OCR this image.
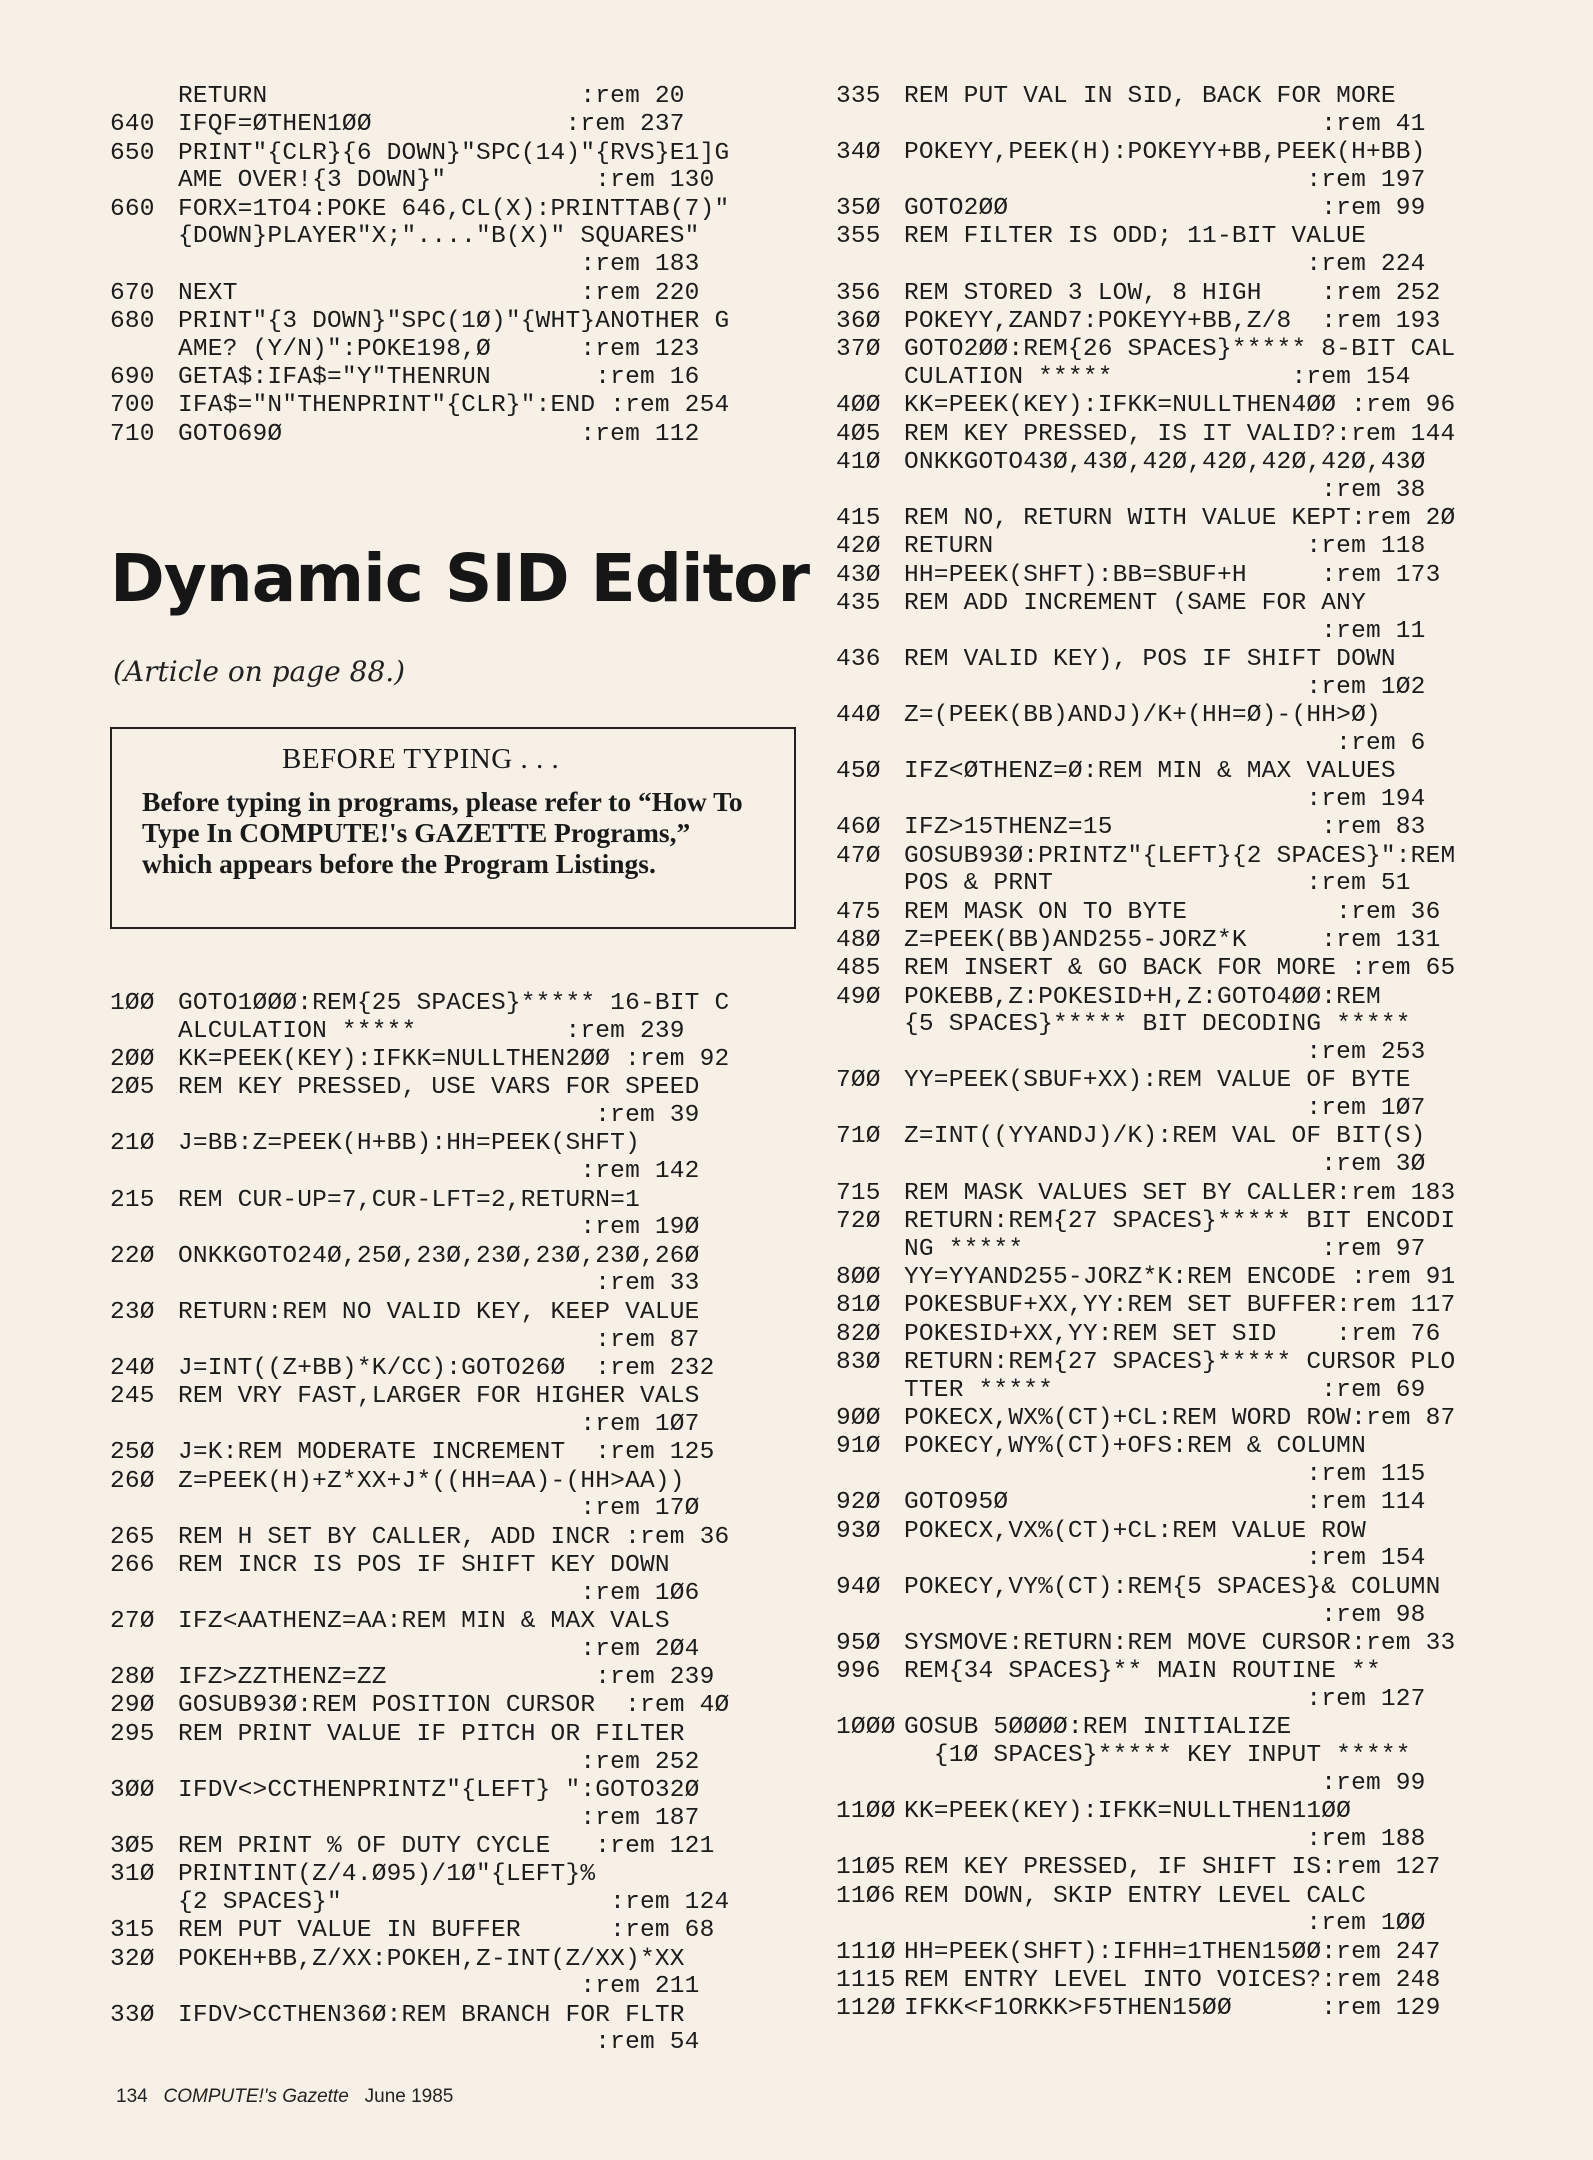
RETURN                     :rem 20
640 IFQF=ØTHEN1ØØ             :rem 237
650 PRINT"{CLR}{6 DOWN}"SPC(14)"{RVS}E1]G
AME OVER!{3 DOWN}"          :rem 130
660 FORX=1TO4:POKE 646,CL(X):PRINTTAB(7)"
{DOWN}PLAYER"X;"...."B(X)" SQUARES"
:rem 183
670 NEXT                       :rem 220
680 PRINT"{3 DOWN}"SPC(1Ø)"{WHT}ANOTHER G
AME? (Y/N)":POKE198,Ø      :rem 123
690 GETA$:IFA$="Y"THENRUN       :rem 16
700 IFA$="N"THENPRINT"{CLR}":END :rem 254
710 GOTO69Ø                    :rem 112
Dynamic SID Editor
(Article on page 88.)
BEFORE TYPING . . .
Before typing in programs, please refer to “How To Type In COMPUTE!'s GAZETTE Programs,” which appears before the Program Listings.
1ØØ GOTO1ØØØ:REM{25 SPACES}***** 16-BIT C
ALCULATION *****          :rem 239
2ØØ KK=PEEK(KEY):IFKK=NULLTHEN2ØØ :rem 92
2Ø5 REM KEY PRESSED, USE VARS FOR SPEED
:rem 39
21Ø J=BB:Z=PEEK(H+BB):HH=PEEK(SHFT)
:rem 142
215 REM CUR-UP=7,CUR-LFT=2,RETURN=1
:rem 19Ø
22Ø ONKKGOTO24Ø,25Ø,23Ø,23Ø,23Ø,23Ø,26Ø
:rem 33
23Ø RETURN:REM NO VALID KEY, KEEP VALUE
:rem 87
24Ø J=INT((Z+BB)*K/CC):GOTO26Ø  :rem 232
245 REM VRY FAST,LARGER FOR HIGHER VALS
:rem 1Ø7
25Ø J=K:REM MODERATE INCREMENT  :rem 125
26Ø Z=PEEK(H)+Z*XX+J*((HH=AA)-(HH>AA))
:rem 17Ø
265 REM H SET BY CALLER, ADD INCR :rem 36
266 REM INCR IS POS IF SHIFT KEY DOWN
:rem 1Ø6
27Ø IFZ<AATHENZ=AA:REM MIN & MAX VALS
:rem 2Ø4
28Ø IFZ>ZZTHENZ=ZZ              :rem 239
29Ø GOSUB93Ø:REM POSITION CURSOR  :rem 4Ø
295 REM PRINT VALUE IF PITCH OR FILTER
:rem 252
3ØØ IFDV<>CCTHENPRINTZ"{LEFT} ":GOTO32Ø
:rem 187
3Ø5 REM PRINT % OF DUTY CYCLE   :rem 121
31Ø PRINTINT(Z/4.Ø95)/1Ø"{LEFT}%
{2 SPACES}"                  :rem 124
315 REM PUT VALUE IN BUFFER      :rem 68
32Ø POKEH+BB,Z/XX:POKEH,Z-INT(Z/XX)*XX
:rem 211
33Ø IFDV>CCTHEN36Ø:REM BRANCH FOR FLTR
:rem 54
335 REM PUT VAL IN SID, BACK FOR MORE
:rem 41
34Ø POKEYY,PEEK(H):POKEYY+BB,PEEK(H+BB)
:rem 197
35Ø GOTO2ØØ                     :rem 99
355 REM FILTER IS ODD; 11-BIT VALUE
:rem 224
356 REM STORED 3 LOW, 8 HIGH    :rem 252
36Ø POKEYY,ZAND7:POKEYY+BB,Z/8  :rem 193
37Ø GOTO2ØØ:REM{26 SPACES}***** 8-BIT CAL
CULATION *****            :rem 154
4ØØ KK=PEEK(KEY):IFKK=NULLTHEN4ØØ :rem 96
4Ø5 REM KEY PRESSED, IS IT VALID?:rem 144
41Ø ONKKGOTO43Ø,43Ø,42Ø,42Ø,42Ø,42Ø,43Ø
:rem 38
415 REM NO, RETURN WITH VALUE KEPT:rem 2Ø
42Ø RETURN                     :rem 118
43Ø HH=PEEK(SHFT):BB=SBUF+H     :rem 173
435 REM ADD INCREMENT (SAME FOR ANY
:rem 11
436 REM VALID KEY), POS IF SHIFT DOWN
:rem 1Ø2
44Ø Z=(PEEK(BB)ANDJ)/K+(HH=Ø)-(HH>Ø)
:rem 6
45Ø IFZ<ØTHENZ=Ø:REM MIN & MAX VALUES
:rem 194
46Ø IFZ>15THENZ=15              :rem 83
47Ø GOSUB93Ø:PRINTZ"{LEFT}{2 SPACES}":REM
POS & PRNT                 :rem 51
475 REM MASK ON TO BYTE          :rem 36
48Ø Z=PEEK(BB)AND255-JORZ*K     :rem 131
485 REM INSERT & GO BACK FOR MORE :rem 65
49Ø POKEBB,Z:POKESID+H,Z:GOTO4ØØ:REM
{5 SPACES}***** BIT DECODING *****
:rem 253
7ØØ YY=PEEK(SBUF+XX):REM VALUE OF BYTE
:rem 1Ø7
71Ø Z=INT((YYANDJ)/K):REM VAL OF BIT(S)
:rem 3Ø
715 REM MASK VALUES SET BY CALLER:rem 183
72Ø RETURN:REM{27 SPACES}***** BIT ENCODI
NG *****                    :rem 97
8ØØ YY=YYAND255-JORZ*K:REM ENCODE :rem 91
81Ø POKESBUF+XX,YY:REM SET BUFFER:rem 117
82Ø POKESID+XX,YY:REM SET SID    :rem 76
83Ø RETURN:REM{27 SPACES}***** CURSOR PLO
TTER *****                  :rem 69
9ØØ POKECX,WX%(CT)+CL:REM WORD ROW:rem 87
91Ø POKECY,WY%(CT)+OFS:REM & COLUMN
:rem 115
92Ø GOTO95Ø                    :rem 114
93Ø POKECX,VX%(CT)+CL:REM VALUE ROW
:rem 154
94Ø POKECY,VY%(CT):REM{5 SPACES}& COLUMN
:rem 98
95Ø SYSMOVE:RETURN:REM MOVE CURSOR:rem 33
996 REM{34 SPACES}** MAIN ROUTINE **
:rem 127
1ØØØ GOSUB 5ØØØØ:REM INITIALIZE
{1Ø SPACES}***** KEY INPUT *****
:rem 99
11ØØ KK=PEEK(KEY):IFKK=NULLTHEN11ØØ
:rem 188
11Ø5 REM KEY PRESSED, IF SHIFT IS:rem 127
11Ø6 REM DOWN, SKIP ENTRY LEVEL CALC
:rem 1ØØ
111Ø HH=PEEK(SHFT):IFHH=1THEN15ØØ:rem 247
1115 REM ENTRY LEVEL INTO VOICES?:rem 248
112Ø IFKK<F1ORKK>F5THEN15ØØ      :rem 129
134 COMPUTE!'s Gazette June 1985
